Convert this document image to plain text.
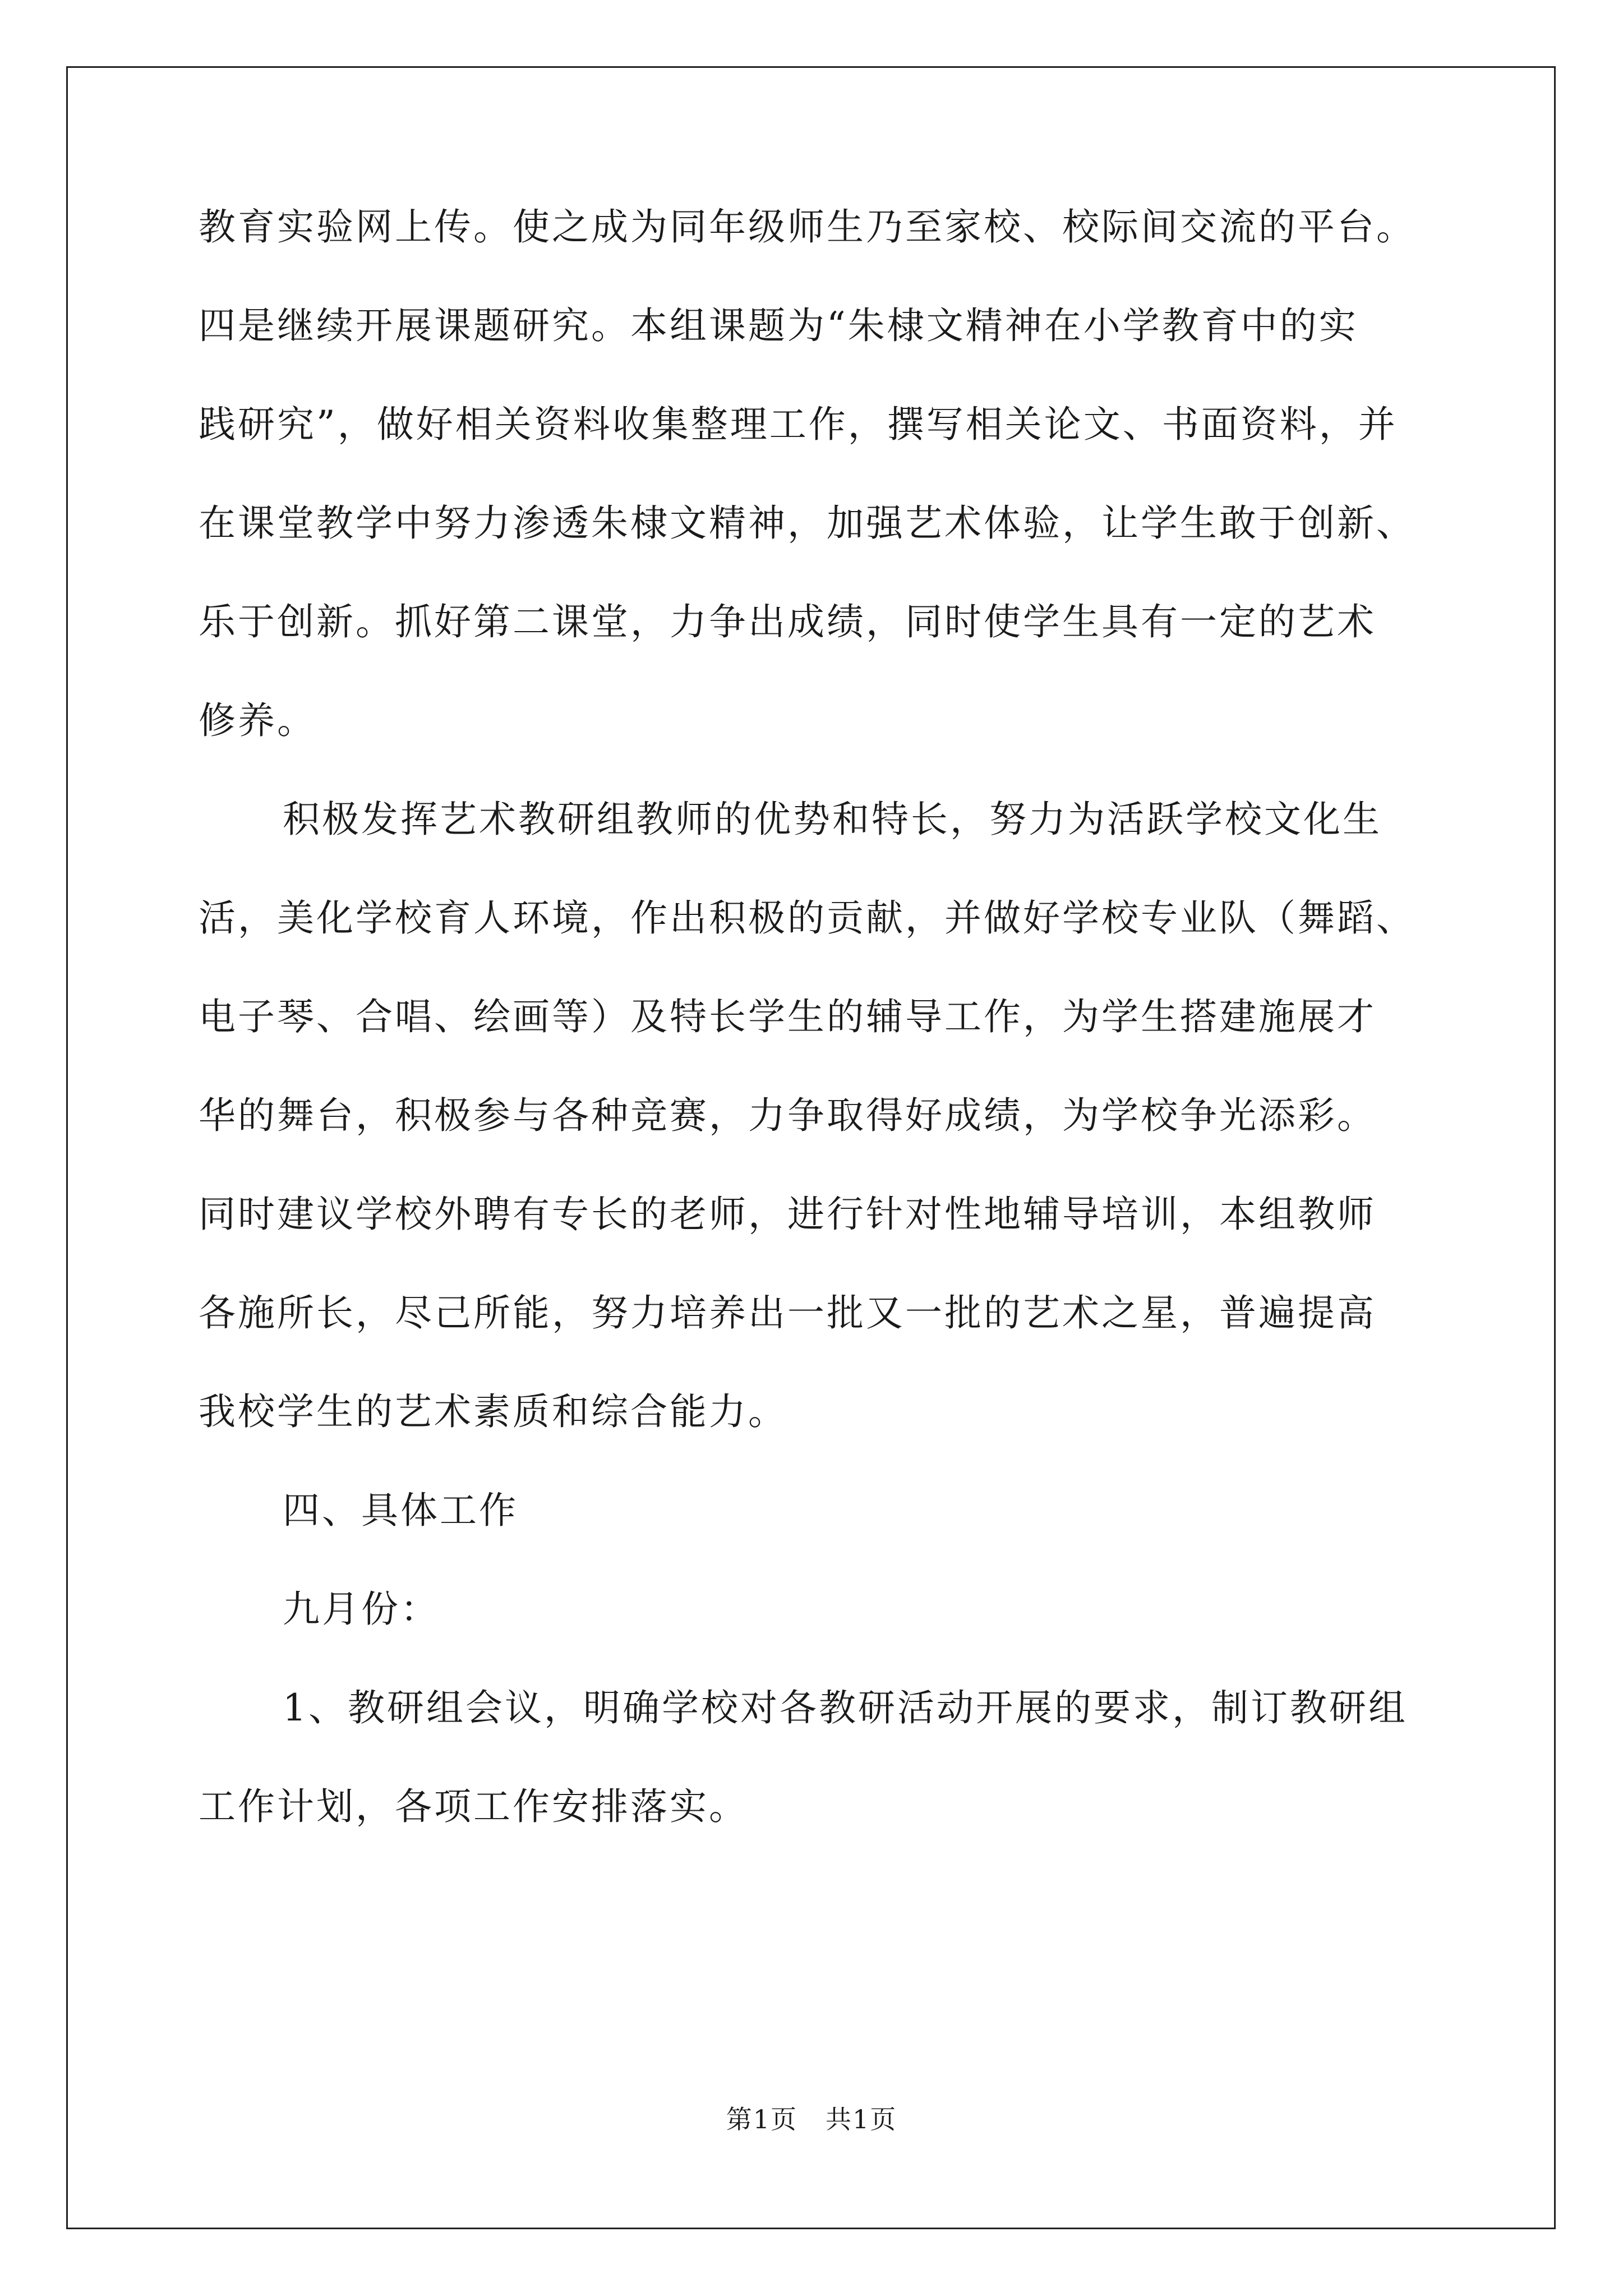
教育实验网上传。使之成为同年级师生乃至家校、校际间交流的平台。
四是继续开展课题研究。本组课题为“朱棣文精神在小学教育中的实
践研究”，做好相关资料收集整理工作，撰写相关论文、书面资料，并
在课堂教学中努力渗透朱棣文精神，加强艺术体验，让学生敢于创新、
乐于创新。抓好第二课堂，力争出成绩，同时使学生具有一定的艺术
修养。
积极发挥艺术教研组教师的优势和特长，努力为活跃学校文化生
活，美化学校育人环境，作出积极的贡献，并做好学校专业队（舞蹈、
电子琴、合唱、绘画等）及特长学生的辅导工作，为学生搭建施展才
华的舞台，积极参与各种竞赛，力争取得好成绩，为学校争光添彩。
同时建议学校外聘有专长的老师，进行针对性地辅导培训，本组教师
各施所长，尽己所能，努力培养出一批又一批的艺术之星，普遍提高
我校学生的艺术素质和综合能力。
四、具体工作
九月份：
1、教研组会议，明确学校对各教研活动开展的要求，制订教研组
工作计划，各项工作安排落实。
第1页 共1页
